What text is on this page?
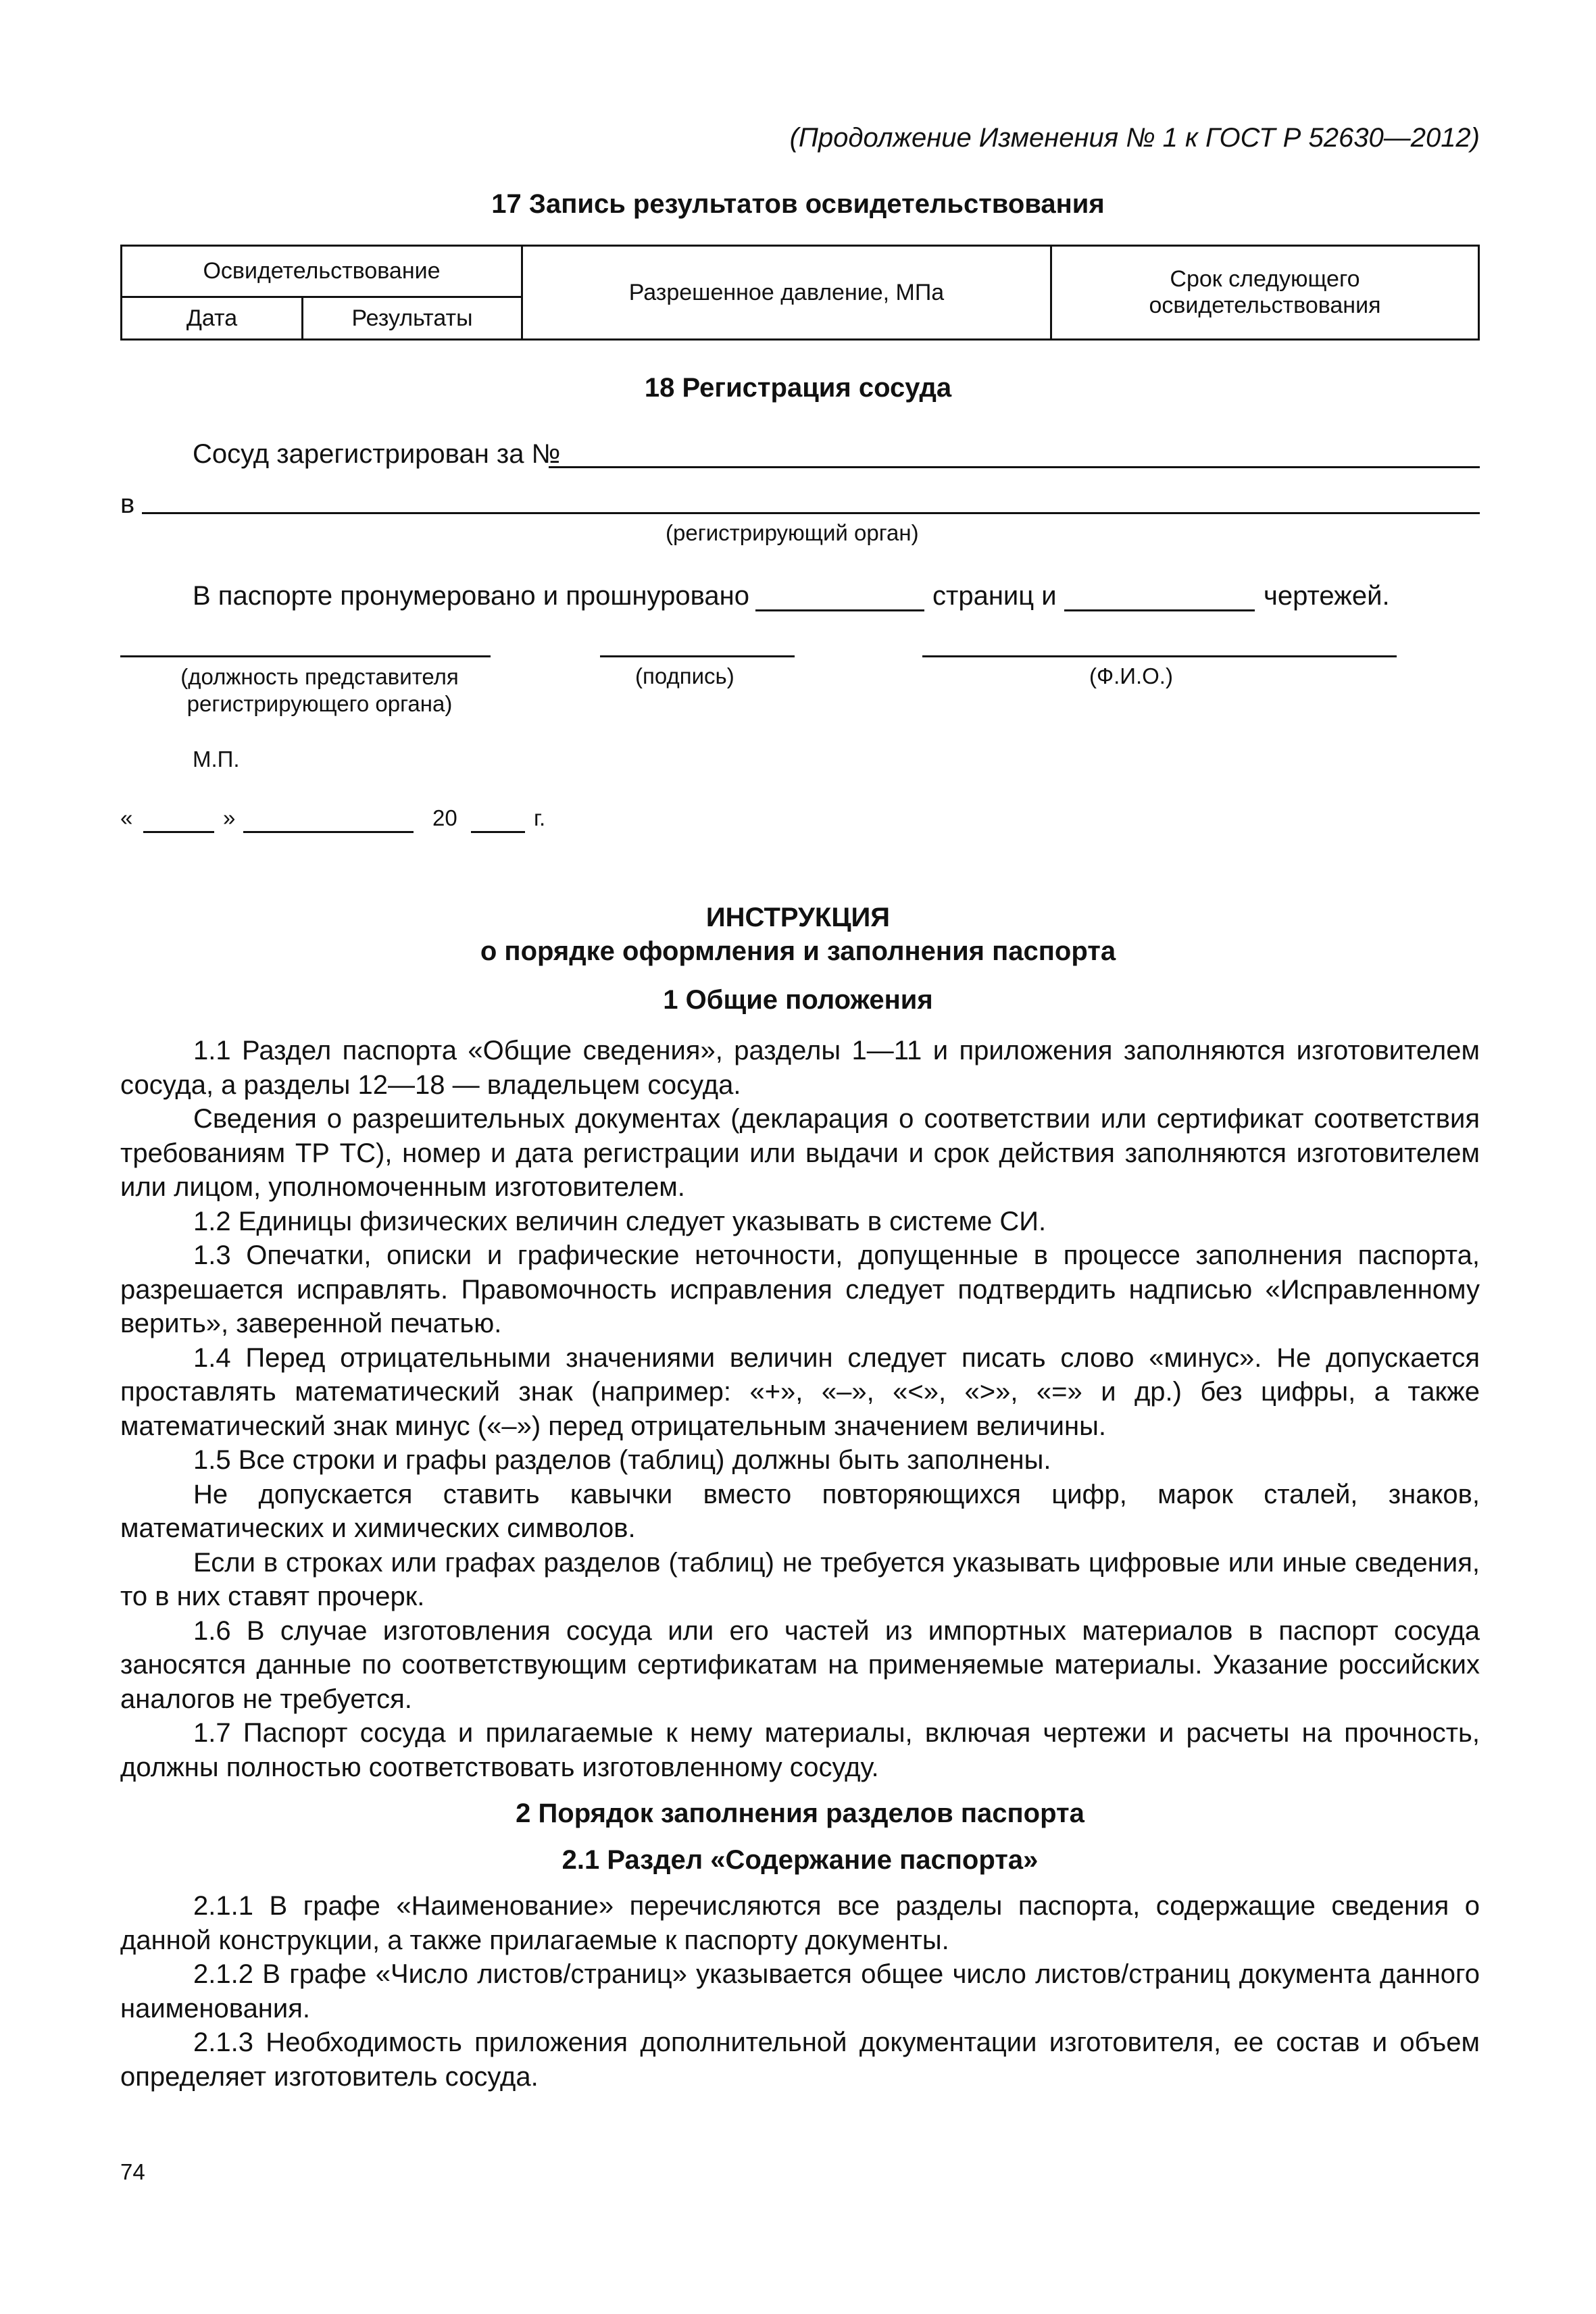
(Продолжение Изменения № 1 к ГОСТ Р 52630—2012)
17 Запись результатов освидетельствования
Освидетельствование		Разрешенное давление, МПа	Срок следующего освидетельствования
Дата	Результаты		
18 Регистрация сосуда
Сосуд зарегистрирован за №
в
(регистрирующий орган)
В паспорте пронумеровано и прошнуровано	страниц и	чертежей.
(должность представителя регистрирующего органа)
(подпись)	(Ф.И.О.)
М.П.
«	»	20	г.
ИНСТРУКЦИЯ
о порядке оформления и заполнения паспорта
1 Общие положения

1.1 Раздел паспорта «Общие сведения», разделы 1—11 и приложения заполняются изготовителем сосуда, а разделы 12—18 — владельцем сосуда.

Сведения о разрешительных документах (декларация о соответствии или сертификат соответствия требованиям ТР ТС), номер и дата регистрации или выдачи и срок действия заполняются изготовителем или лицом, уполномоченным изготовителем.

1.2 Единицы физических величин следует указывать в системе СИ.

1.3 Опечатки, описки и графические неточности, допущенные в процессе заполнения паспорта, разрешается исправлять. Правомочность исправления следует подтвердить надписью «Исправленному верить», заверенной печатью.

1.4 Перед отрицательными значениями величин следует писать слово «минус». Не допускается проставлять математический знак (например: «+», «–», «<», «>», «=» и др.) без цифры, а также математический знак минус («–») перед отрицательным значением величины.

1.5 Все строки и графы разделов (таблиц) должны быть заполнены.

Не допускается ставить кавычки вместо повторяющихся цифр, марок сталей, знаков, математических и химических символов.

Если в строках или графах разделов (таблиц) не требуется указывать цифровые или иные сведения, то в них ставят прочерк.

1.6 В случае изготовления сосуда или его частей из импортных материалов в паспорт сосуда заносятся данные по соответствующим сертификатам на применяемые материалы. Указание российских аналогов не требуется.

1.7 Паспорт сосуда и прилагаемые к нему материалы, включая чертежи и расчеты на прочность, должны полностью соответствовать изготовленному сосуду.

2 Порядок заполнения разделов паспорта
2.1 Раздел «Содержание паспорта»

2.1.1 В графе «Наименование» перечисляются все разделы паспорта, содержащие сведения о данной конструкции, а также прилагаемые к паспорту документы.

2.1.2 В графе «Число листов/страниц» указывается общее число листов/страниц документа данного наименования.

2.1.3 Необходимость приложения дополнительной документации изготовителя, ее состав и объем определяет изготовитель сосуда.

74
